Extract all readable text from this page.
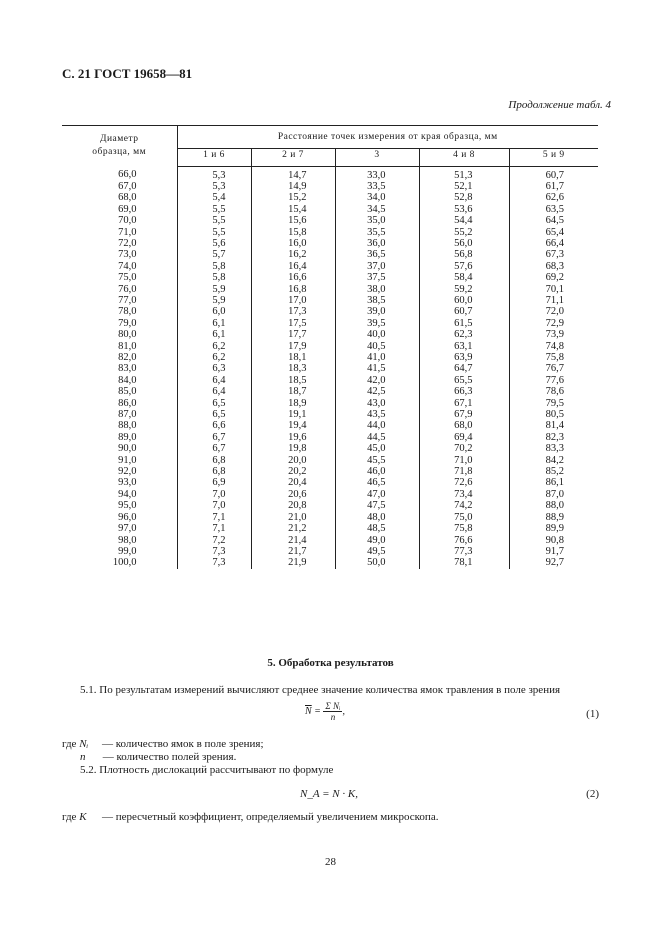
С. 21 ГОСТ 19658—81
Продолжение табл. 4
Диаметр
образца, мм	Расстояние точек измерения от края образца, мм				
	1 и 6	2 и 7	3	4 и 8	5 и 9
66,0	5,3	14,7	33,0	51,3	60,7
67,0	5,3	14,9	33,5	52,1	61,7
68,0	5,4	15,2	34,0	52,8	62,6
69,0	5,5	15,4	34,5	53,6	63,5
70,0	5,5	15,6	35,0	54,4	64,5
71,0	5,5	15,8	35,5	55,2	65,4
72,0	5,6	16,0	36,0	56,0	66,4
73,0	5,7	16,2	36,5	56,8	67,3
74,0	5,8	16,4	37,0	57,6	68,3
75,0	5,8	16,6	37,5	58,4	69,2
76,0	5,9	16,8	38,0	59,2	70,1
77,0	5,9	17,0	38,5	60,0	71,1
78,0	6,0	17,3	39,0	60,7	72,0
79,0	6,1	17,5	39,5	61,5	72,9
80,0	6,1	17,7	40,0	62,3	73,9
81,0	6,2	17,9	40,5	63,1	74,8
82,0	6,2	18,1	41,0	63,9	75,8
83,0	6,3	18,3	41,5	64,7	76,7
84,0	6,4	18,5	42,0	65,5	77,6
85,0	6,4	18,7	42,5	66,3	78,6
86,0	6,5	18,9	43,0	67,1	79,5
87,0	6,5	19,1	43,5	67,9	80,5
88,0	6,6	19,4	44,0	68,0	81,4
89,0	6,7	19,6	44,5	69,4	82,3
90,0	6,7	19,8	45,0	70,2	83,3
91,0	6,8	20,0	45,5	71,0	84,2
92,0	6,8	20,2	46,0	71,8	85,2
93,0	6,9	20,4	46,5	72,6	86,1
94,0	7,0	20,6	47,0	73,4	87,0
95,0	7,0	20,8	47,5	74,2	88,0
96,0	7,1	21,0	48,0	75,0	88,9
97,0	7,1	21,2	48,5	75,8	89,9
98,0	7,2	21,4	49,0	76,6	90,8
99,0	7,3	21,7	49,5	77,3	91,7
100,0	7,3	21,9	50,0	78,1	92,7
5. Обработка результатов
5.1. По результатам измерений вычисляют среднее значение количества ямок травления в поле зрения
$\overline{N} = \frac{\text{Σ Nᵢ}}{n}$ ,	(1)
где Nᵢ — количество ямок в поле зрения;
n — количество полей зрения.
5.2. Плотность дислокаций рассчитывают по формуле
N_A = N · K,	(2)
где K — пересчетный коэффициент, определяемый увеличением микроскопа.
28
